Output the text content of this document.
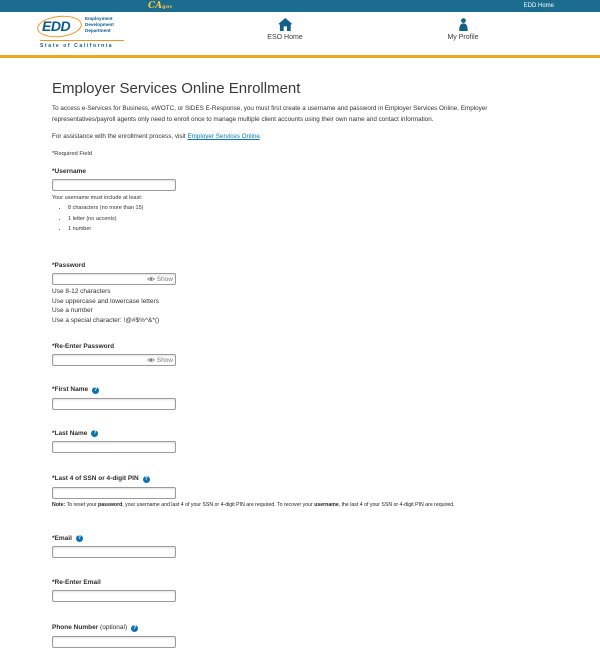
CAgov	EDD Home
EDD	Employment
Development
Department
State of California
ESO Home	My Profile
Employer Services Online Enrollment

To access e-Services for Business, eWOTC, or SIDES E-Response, you must first create a username and password in Employer Services Online. Employer representatives/payroll agents only need to enroll once to manage multiple client accounts using their own name and contact information.

For assistance with the enrollment process, visit Employer Services Online.

*Required Field

*Username

Your username must include at least:

• 8 characters (no more than 15)
• 1 letter (no accents)
• 1 number
*Password
Show
Use 8-12 characters
Use uppercase and lowercase letters
Use a number
Use a special character: !@#$%^&*()
*Re-Enter Password
Show
*First Name ?
*Last Name ?
*Last 4 of SSN or 4-digit PIN ?

Note: To reset your password, your username and last 4 of your SSN or 4-digit PIN are required. To recover your username, the last 4 of your SSN or 4-digit PIN are required.

*Email ?
*Re-Enter Email
Phone Number (optional) ?
